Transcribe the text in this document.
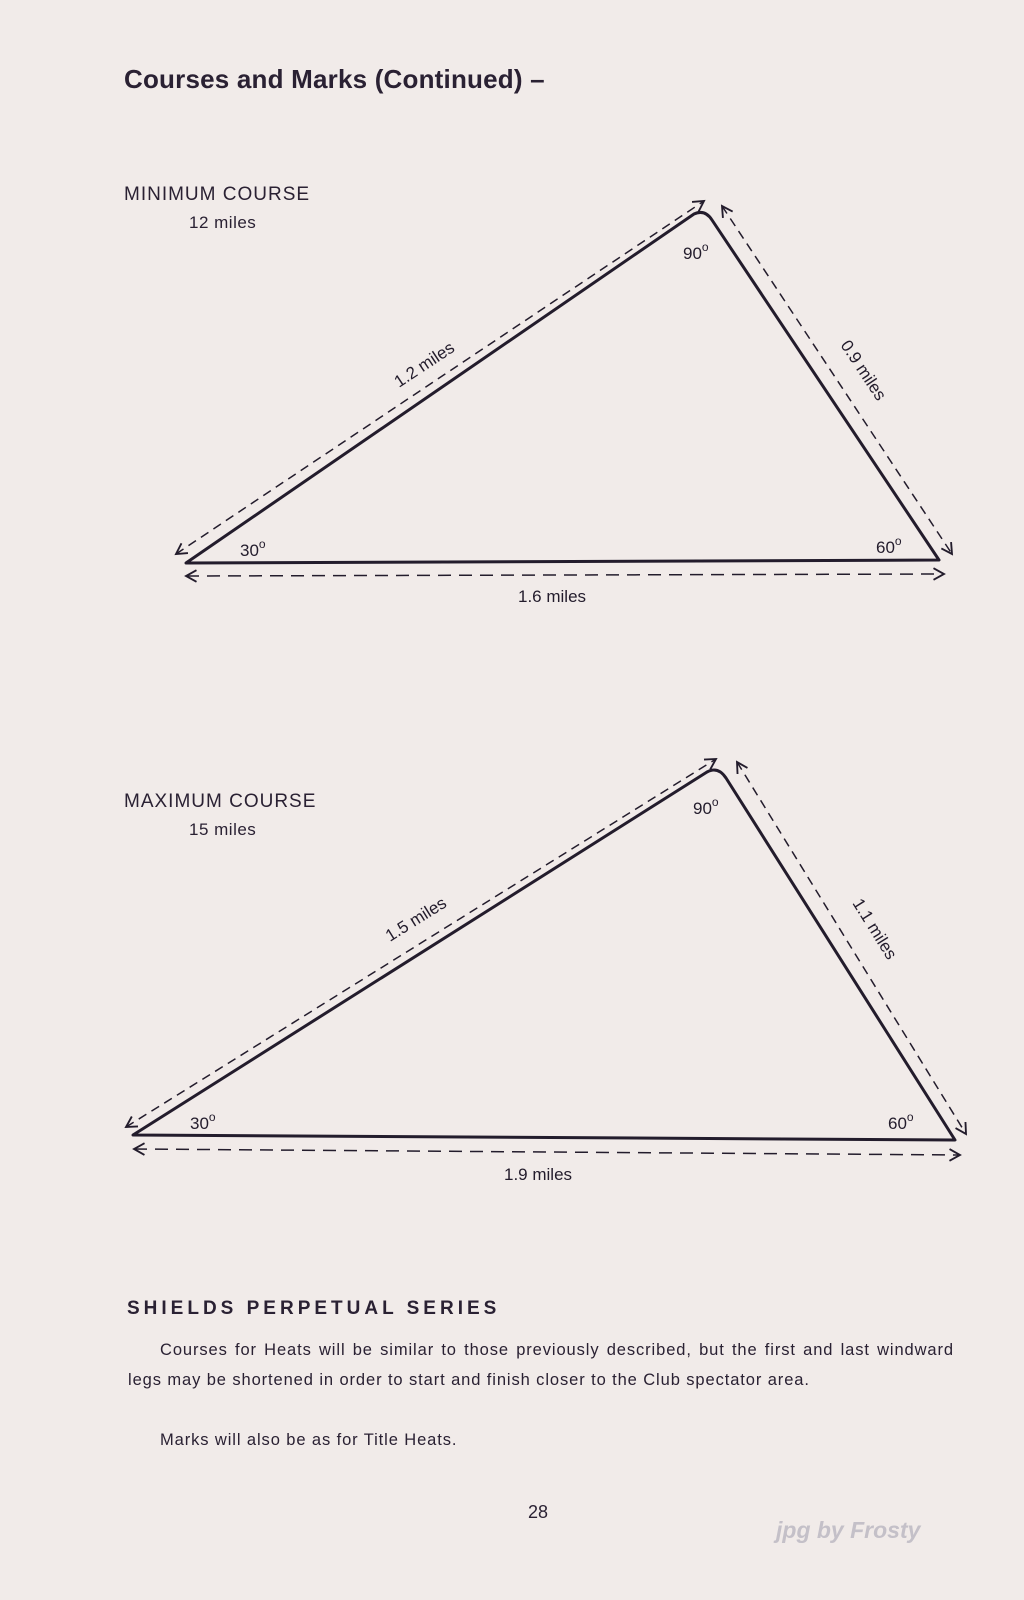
Courses and Marks (Continued) –
MINIMUM COURSE
12 miles
1.2 miles	0.9 miles
1.6 miles
30$^o$
90$^o$
60$^o$
1.5 miles	1.1 miles
1.9 miles
30$^o$
90$^o$
60$^o$
MAXIMUM COURSE
15 miles
SHIELDS PERPETUAL SERIES
Courses for Heats will be similar to those previously described, but the first and last windward legs may be shortened in order to start and finish closer to the Club spectator area.
Marks will also be as for Title Heats.
28
jpg by Frosty
